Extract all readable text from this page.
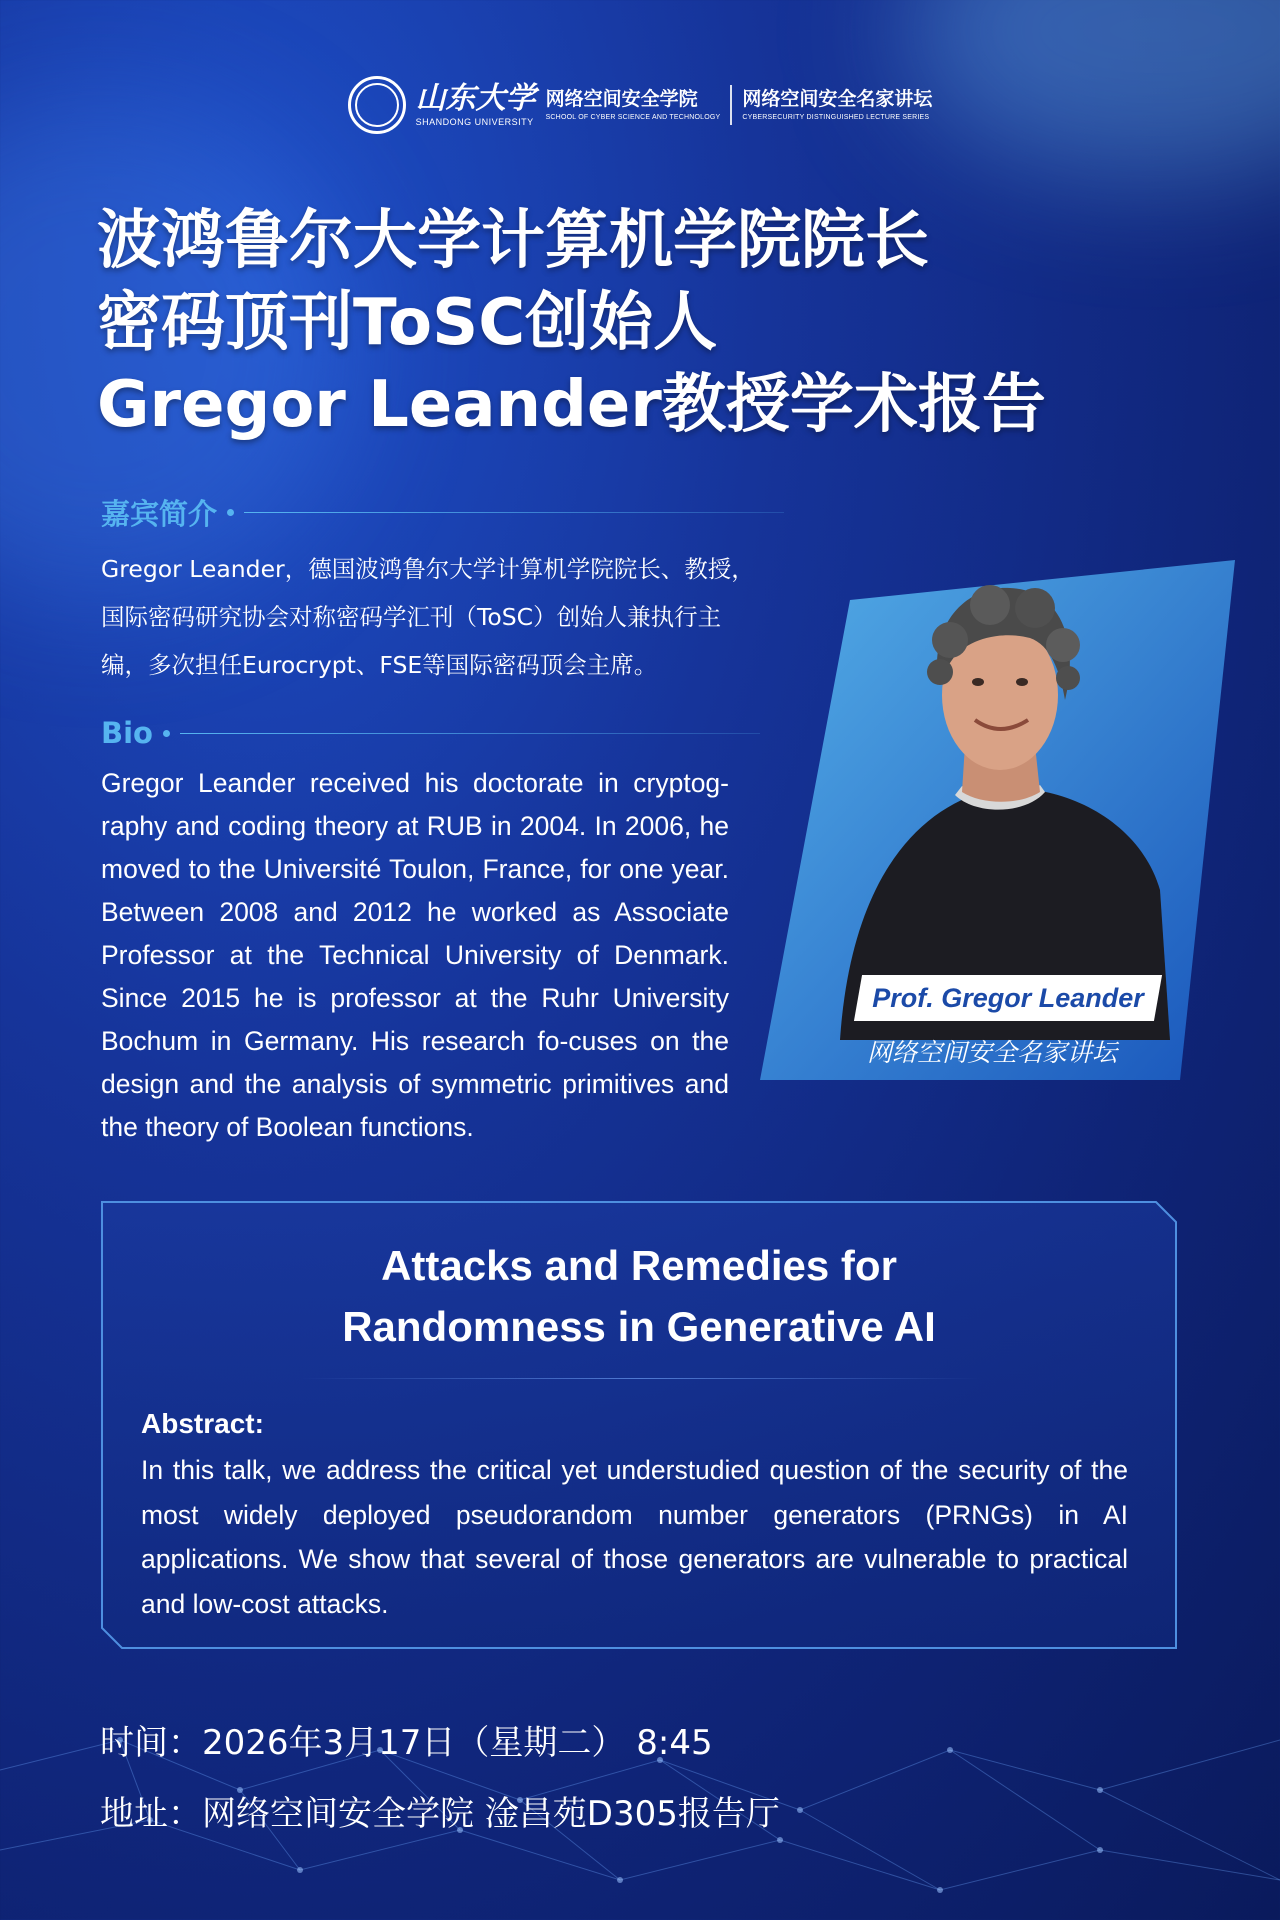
山东大学
SHANDONG UNIVERSITY
网络空间安全学院
SCHOOL OF CYBER SCIENCE AND TECHNOLOGY
网络空间安全名家讲坛
CYBERSECURITY DISTINGUISHED LECTURE SERIES
波鸿鲁尔大学计算机学院院长
密码顶刊ToSC创始人
Gregor Leander教授学术报告
嘉宾简介
Gregor Leander，德国波鸿鲁尔大学计算机学院院长、教授，国际密码研究协会对称密码学汇刊（ToSC）创始人兼执行主编，多次担任Eurocrypt、FSE等国际密码顶会主席。
Bio
Gregor Leander received his doctorate in cryptog-raphy and coding theory at RUB in 2004. In 2006, he moved to the Université Toulon, France, for one year. Between 2008 and 2012 he worked as Associate Professor at the Technical University of Denmark. Since 2015 he is professor at the Ruhr University Bochum in Germany. His research fo-cuses on the design and the analysis of symmetric primitives and the theory of Boolean functions.
Prof. Gregor Leander
网络空间安全名家讲坛
Attacks and Remedies for
Randomness in Generative AI
Abstract:
In this talk, we address the critical yet understudied question of the security of the most widely deployed pseudorandom number generators (PRNGs) in AI applications. We show that several of those generators are vulnerable to practical and low-cost attacks.
时间：2026年3月17日（星期二） 8:45
地址：网络空间安全学院 淦昌苑D305报告厅
